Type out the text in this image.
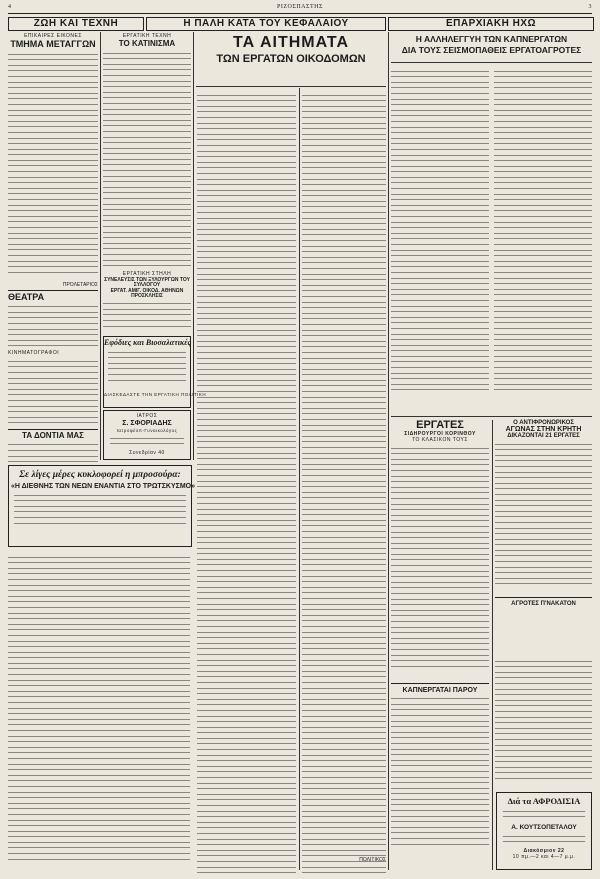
4	ΡΙΖΟΣΠΑΣΤΗΣ	3
ΖΩΗ ΚΑΙ ΤΕΧΝΗ	Η ΠΑΛΗ ΚΑΤΑ ΤΟΥ ΚΕΦΑΛΑΙΟΥ	ΕΠΑΡΧΙΑΚΗ ΗΧΩ
ΕΠΙΚΑΙΡΕΣ ΕΙΚΟΝΕΣ
ΤΜΗΜΑ ΜΕΤΑΓΓΩΝ
ΠΡΟΛΕΤΑΡΙΟΣ
ΘΕΑΤΡΑ
ΚΙΝΗΜΑΤΟΓΡΑΦΟΙ
ΤΑ ΔΟΝΤΙΑ ΜΑΣ
ΕΡΓΑΤΙΚΗ ΤΕΧΝΗ
ΤΟ ΚΑΤΙΝΙΣΜΑ
ΕΡΓΑΤΙΚΗ ΣΤΗΛΗ
ΣΥΝΕΛΕΥΣΙΣ ΤΩΝ ΞΥΛΟΥΡΓΩΝ ΤΟΥ ΣΥΛΛΟΓΟΥ
ΕΡΓΑΤ. ΑΜΙΓ. ΟΙΚΟΔ. ΑΘΗΝΩΝ ΠΡΟΣΚΛΗΣΙΣ
Εφόδιες και Βιοσαλατικές
ΔΙΑΣΚΕΔΑΣΤΕ ΤΗΝ ΕΡΓΑΤΙΚΗ ΠΟΛΙΤΙΚΗ
ΙΑΤΡΟΣ
Σ. ΣΦΟΡΙΑΔΗΣ
Ιατροφέοπ-Γυναικολόγος
Συνεδρίαν 40
Σε λίγες μέρες κυκλοφορεί η μπροσούρα:
«Η ΔΙΕΘΝΗΣ ΤΩΝ ΝΕΩΝ ΕΝΑΝΤΙΑ ΣΤΟ ΤΡΩΤΣΚΥΣΜΟ»
ΤΑ ΑΙΤΗΜΑΤΑ
ΤΩΝ ΕΡΓΑΤΩΝ ΟΙΚΟΔΟΜΩΝ
ΠΟΛΙΤΙΚΟΣ
Η ΑΛΛΗΛΕΓΓΥΗ ΤΩΝ ΚΑΠΝΕΡΓΑΤΩΝ
ΔΙΑ ΤΟΥΣ ΣΕΙΣΜΟΠΑΘΕΙΣ ΕΡΓΑΤΟΑΓΡΟΤΕΣ
ΕΡΓΑΤΕΣ
ΣΙΔΗΡΟΥΡΓΟΙ ΚΟΡΙΝΘΟΥ
ΤΟ ΚΛΑΣΙΚΟΝ ΤΟΥΣ
ΚΑΠΝΕΡΓΑΤΑΙ ΠΑΡΟΥ
Ο ΑΝΤΙΦΡΟΝΩΡΙΚΟΣ
ΑΓΩΝΑΣ ΣΤΗΝ ΚΡΗΤΗ
ΔΙΚΑΖΟΝΤΑΙ 21 ΕΡΓΑΤΕΣ
ΑΓΡΟΤΕΣ Π'ΝΑΚΑΤΟΝ
Διά τα ΑΦΡΟΔΙΣΙΑ
Α. ΚΟΥΤΣΟΠΕΤΑΛΟΥ
Διακόσμιον 22
10 πμ.—2 και 4—7 μ.μ.
